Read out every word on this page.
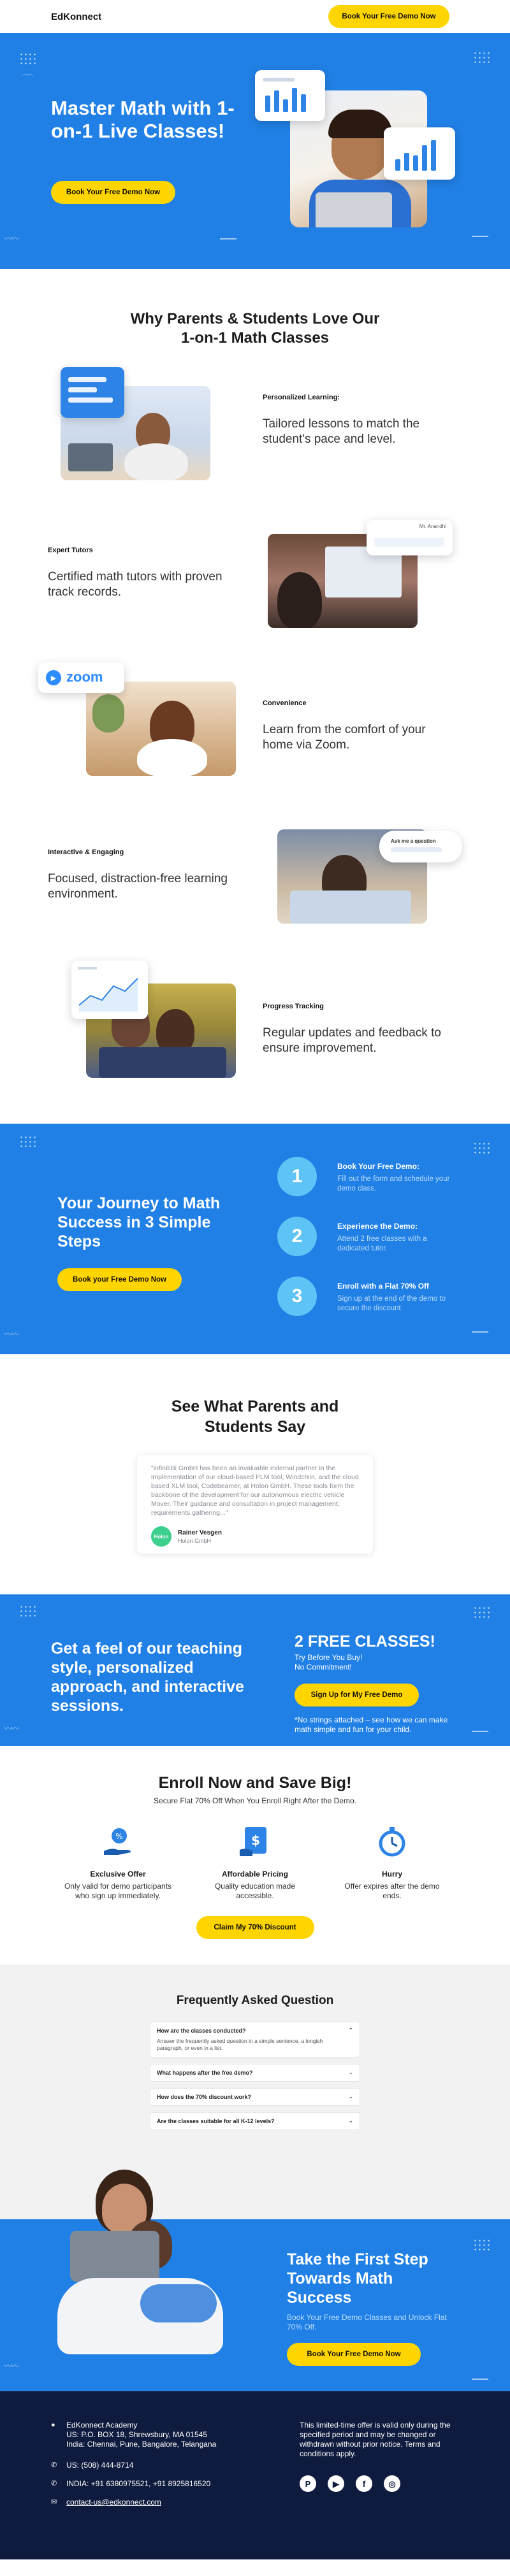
EdKonnect	Book Your Free Demo Now
〰〰
⌒⌒
Master Math with 1-on-1 Live Classes!
Book Your Free Demo Now
Why Parents & Students Love Our 1-on-1 Math Classes
Personalized Learning:
Tailored lessons to match the student's pace and level.
Expert Tutors
Certified math tutors with proven track records.
Mr. Anandhi
▶ zoom
Convenience
Learn from the comfort of your home via Zoom.
Interactive & Engaging
Focused, distraction-free learning environment.
Ask me a question
Progress Tracking
Regular updates and feedback to ensure improvement.
〰〰
Your Journey to Math Success in 3 Simple Steps
Book your Free Demo Now
1	Book Your Free Demo:
Fill out the form and schedule your demo class.
2	Experience the Demo:
Attend 2 free classes with a dedicated tutor.
3	Enroll with a Flat 70% Off
Sign up at the end of the demo to secure the discount.
See What Parents and Students Say

"infinitiBi GmbH has been an invaluable external partner in the implementation of our cloud-based PLM tool, Windchlin, and the cloud based XLM tool, Codebeamer, at Holon GmbH. These tools form the backbone of the development for our autonomous electric vehicle Mover. Their guidance and consultation in project management, requirements gathering..."

Holon
Rainer Vesgen
Holon GmbH
〰〰
Get a feel of our teaching style, personalized approach, and interactive sessions.
2 FREE CLASSES!
Try Before You Buy!
No Commitment!
Sign Up for My Free Demo
*No strings attached – see how we can make math simple and fun for your child.
Enroll Now and Save Big!

Secure Flat 70% Off When You Enroll Right After the Demo.

%
Exclusive Offer
Only valid for demo participants who sign up immediately.
$
Affordable Pricing
Quality education made accessible.
Hurry
Offer expires after the demo ends.
Claim My 70% Discount
Frequently Asked Question
How are the classes conducted?	⌃
Answer the frequently asked question in a simple sentence, a longish paragraph, or even in a list.
What happens after the free demo?	⌄
How does the 70% discount work?	⌄
Are the classes suitable for all K-12 levels?	⌄
〰〰
Take the First Step Towards Math Success

Book Your Free Demo Classes and Unlock Flat 70% Off.

Book Your Free Demo Now
●	EdKonnect Academy
US: P.O. BOX 18, Shrewsbury, MA 01545
India: Chennai, Pune, Bangalore, Telangana
✆	US: (508) 444-8714
✆	INDIA: +91 6380975521, +91 8925816520
✉	contact-us@edkonnect.com

This limited-time offer is valid only during the specified period and may be changed or withdrawn without prior notice. Terms and conditions apply.

P	▶	f	◎
